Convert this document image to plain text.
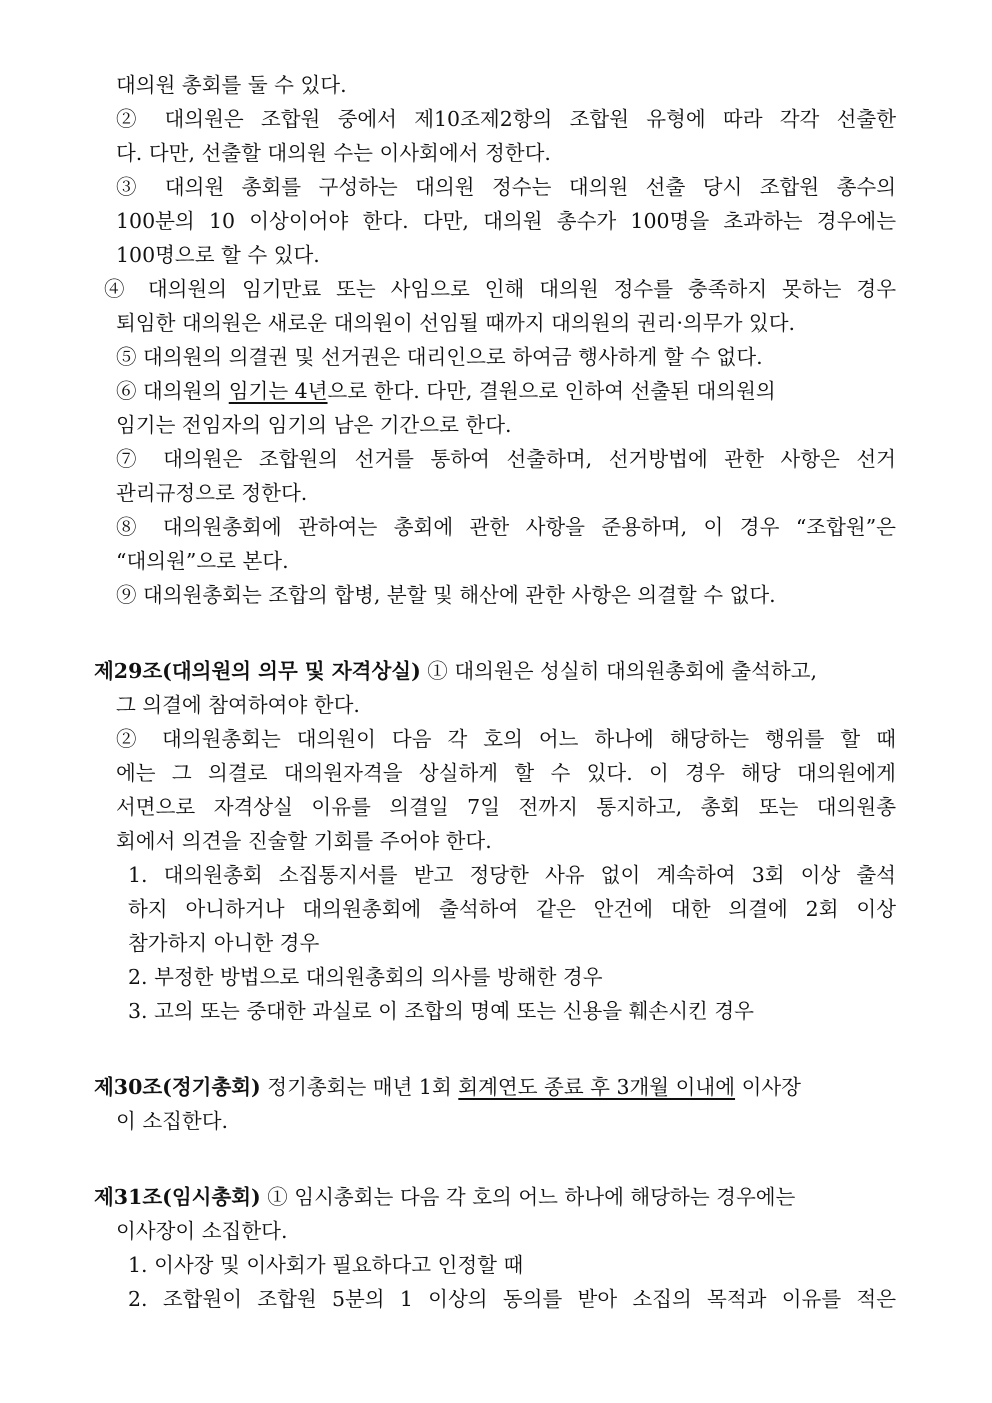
대의원 총회를 둘 수 있다.
② 대의원은 조합원 중에서 제10조제2항의 조합원 유형에 따라 각각 선출한
다. 다만, 선출할 대의원 수는 이사회에서 정한다.
③ 대의원 총회를 구성하는 대의원 정수는 대의원 선출 당시 조합원 총수의
100분의 10 이상이어야 한다. 다만, 대의원 총수가 100명을 초과하는 경우에는
100명으로 할 수 있다.
④ 대의원의 임기만료 또는 사임으로 인해 대의원 정수를 충족하지 못하는 경우
퇴임한 대의원은 새로운 대의원이 선임될 때까지 대의원의 권리·의무가 있다.
⑤ 대의원의 의결권 및 선거권은 대리인으로 하여금 행사하게 할 수 없다.
⑥ 대의원의 임기는 4년으로 한다. 다만, 결원으로 인하여 선출된 대의원의
임기는 전임자의 임기의 남은 기간으로 한다.
⑦ 대의원은 조합원의 선거를 통하여 선출하며, 선거방법에 관한 사항은 선거
관리규정으로 정한다.
⑧ 대의원총회에 관하여는 총회에 관한 사항을 준용하며, 이 경우 “조합원”은
“대의원”으로 본다.
⑨ 대의원총회는 조합의 합병, 분할 및 해산에 관한 사항은 의결할 수 없다.
제29조(대의원의 의무 및 자격상실) ① 대의원은 성실히 대의원총회에 출석하고,
그 의결에 참여하여야 한다.
② 대의원총회는 대의원이 다음 각 호의 어느 하나에 해당하는 행위를 할 때
에는 그 의결로 대의원자격을 상실하게 할 수 있다. 이 경우 해당 대의원에게
서면으로 자격상실 이유를 의결일 7일 전까지 통지하고, 총회 또는 대의원총
회에서 의견을 진술할 기회를 주어야 한다.
1. 대의원총회 소집통지서를 받고 정당한 사유 없이 계속하여 3회 이상 출석
하지 아니하거나 대의원총회에 출석하여 같은 안건에 대한 의결에 2회 이상
참가하지 아니한 경우
2. 부정한 방법으로 대의원총회의 의사를 방해한 경우
3. 고의 또는 중대한 과실로 이 조합의 명예 또는 신용을 훼손시킨 경우
제30조(정기총회) 정기총회는 매년 1회 회계연도 종료 후 3개월 이내에 이사장
이 소집한다.
제31조(임시총회) ① 임시총회는 다음 각 호의 어느 하나에 해당하는 경우에는
이사장이 소집한다.
1. 이사장 및 이사회가 필요하다고 인정할 때
2. 조합원이 조합원 5분의 1 이상의 동의를 받아 소집의 목적과 이유를 적은
